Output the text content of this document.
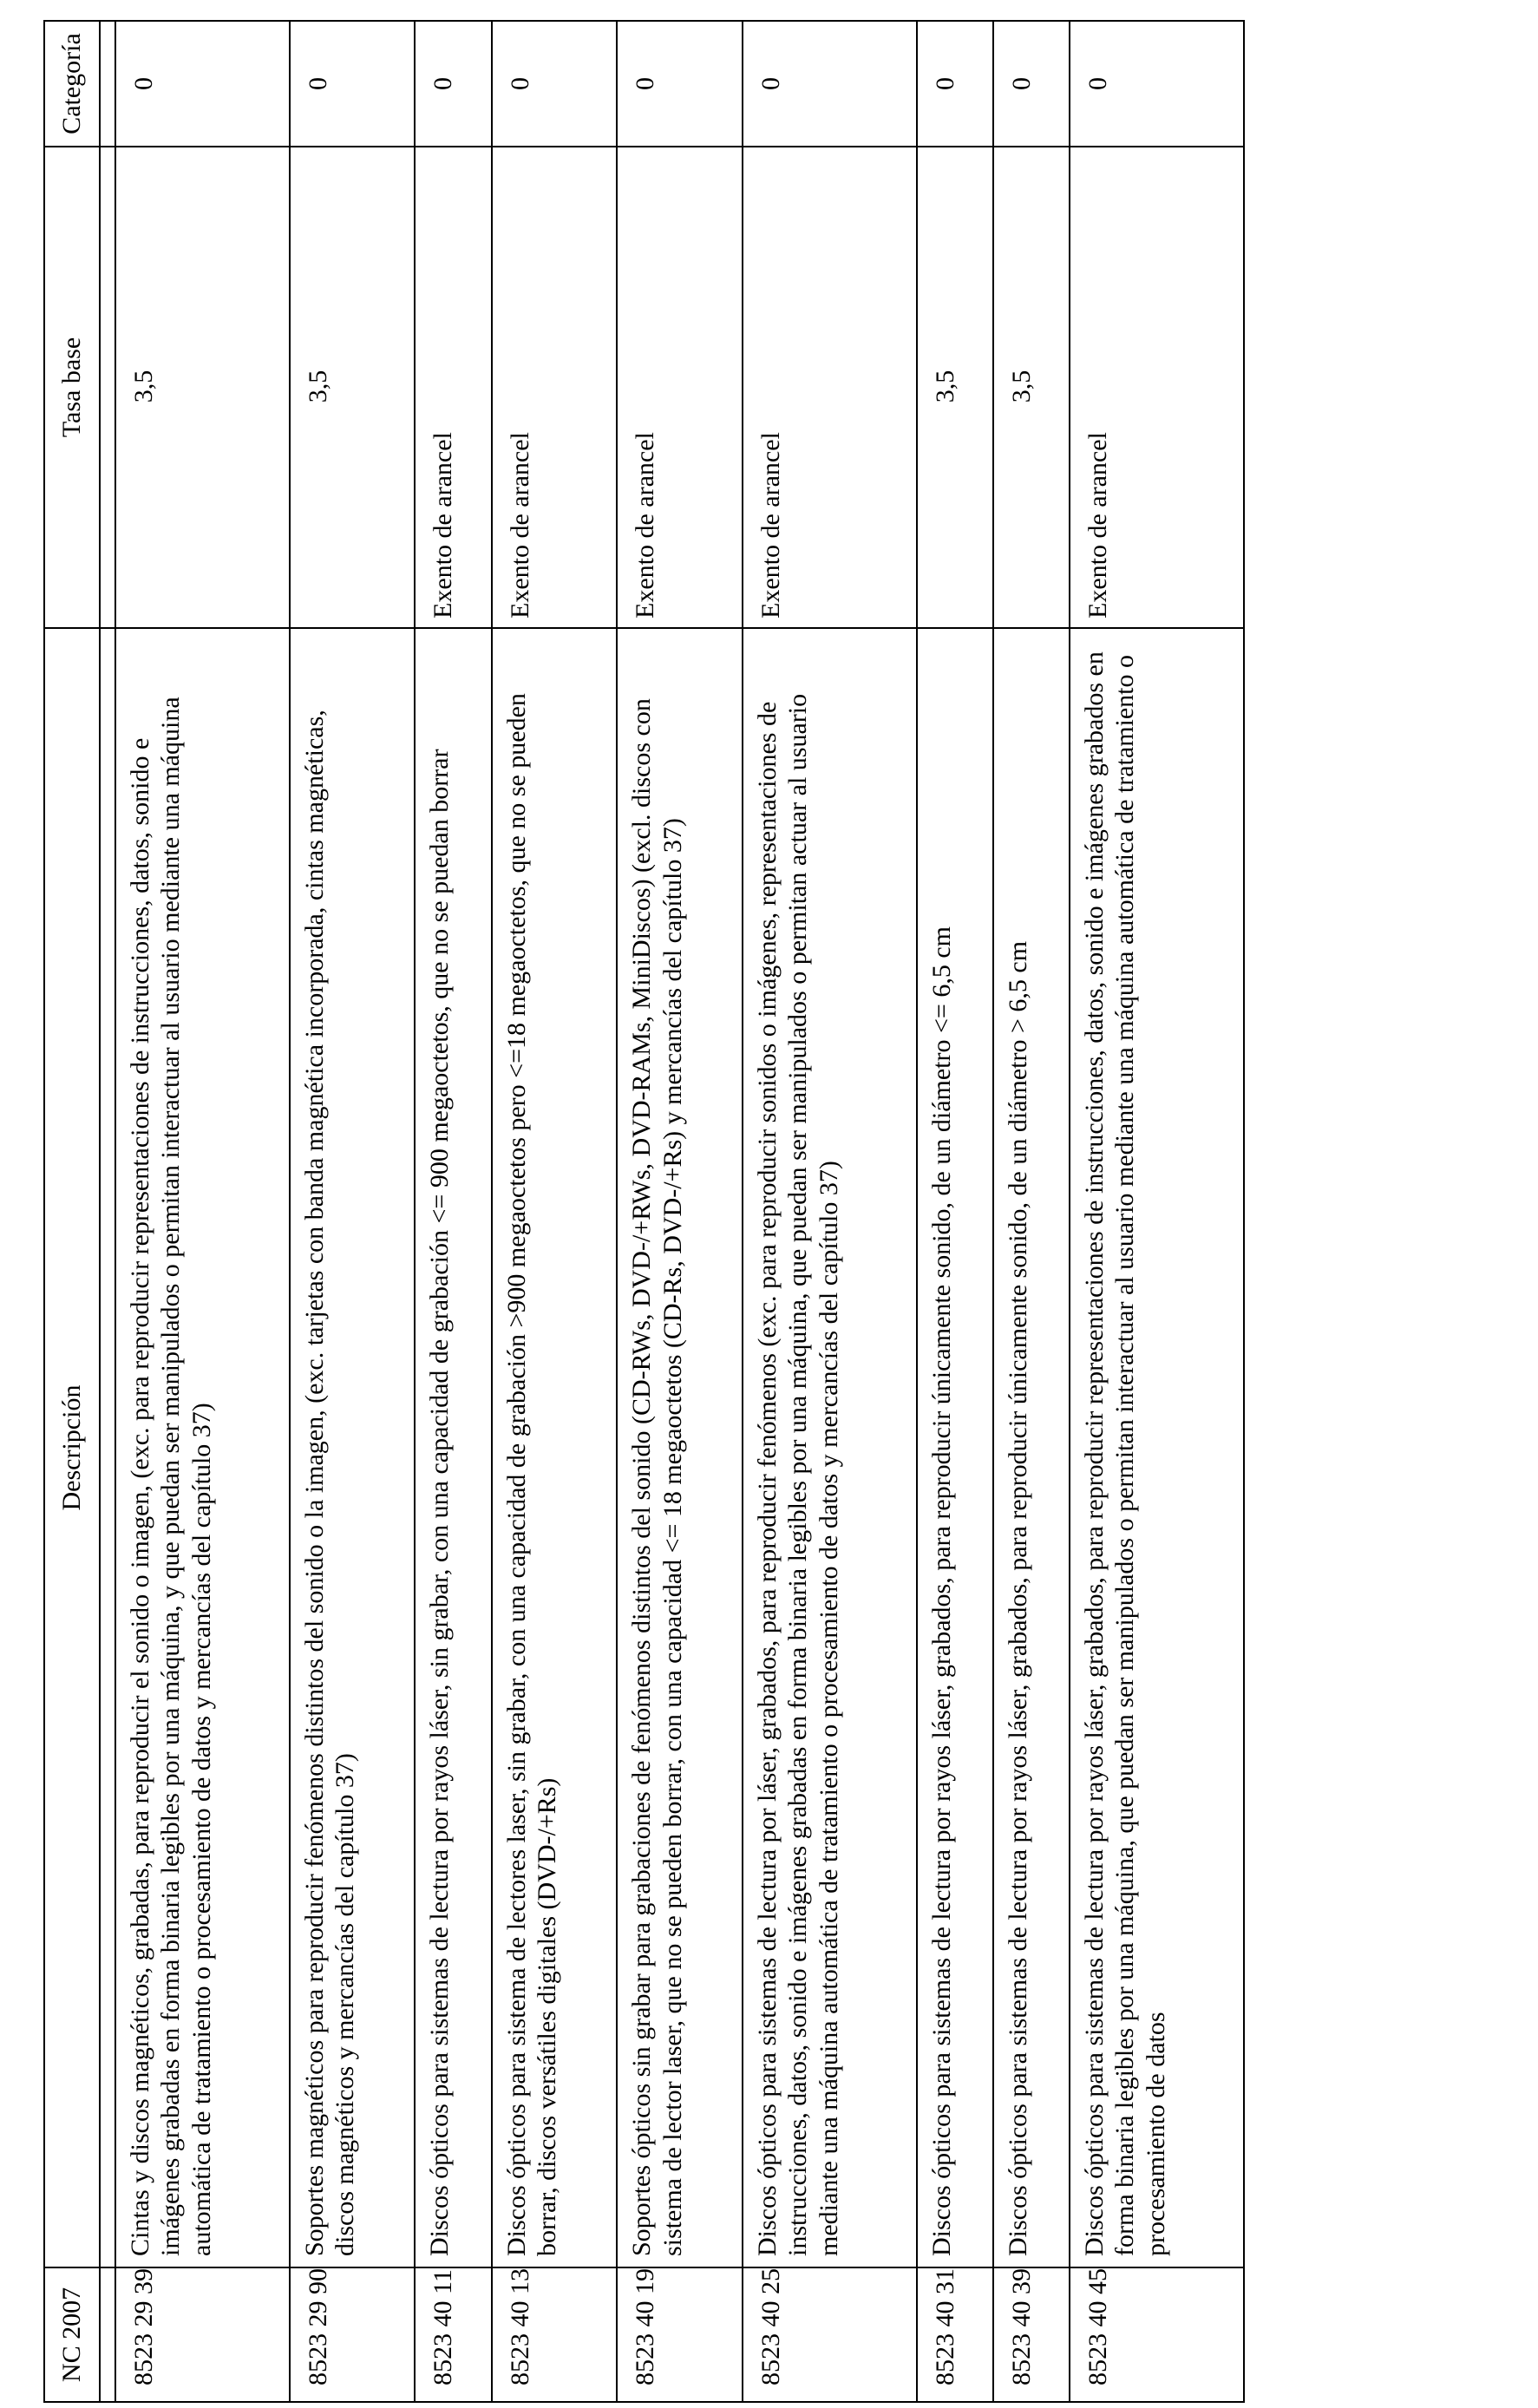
NC 2007	Descripción	Tasa base	Categoría

8523 29 39	Cintas y discos magnéticos, grabadas, para reproducir el sonido o imagen, (exc. para reproducir representaciones de instrucciones, datos, sonido e imágenes grabadas en forma binaria legibles por una máquina, y que puedan ser manipulados o permitan interactuar al usuario mediante una máquina automática de tratamiento o procesamiento de datos y mercancías del capítulo 37)	3,5	0
8523 29 90	Soportes magnéticos para reproducir fenómenos distintos del sonido o la imagen, (exc. tarjetas con banda magnética incorporada, cintas magnéticas, discos magnéticos y mercancías del capítulo 37)	3,5	0
8523 40 11	Discos ópticos para sistemas de lectura por rayos láser, sin grabar, con una capacidad de grabación <= 900 megaoctetos, que no se puedan borrar	Exento de arancel	0
8523 40 13	Discos ópticos para sistema de lectores laser, sin grabar, con una capacidad de grabación >900 megaoctetos pero <=18 megaoctetos, que no se pueden borrar, discos versátiles digitales (DVD-/+Rs)	Exento de arancel	0
8523 40 19	Soportes ópticos sin grabar para grabaciones de fenómenos distintos del sonido (CD-RWs, DVD-/+RWs, DVD-RAMs, MiniDiscos) (excl. discos con sistema de lector laser, que no se pueden borrar, con una capacidad <= 18 megaoctetos (CD-Rs, DVD-/+Rs) y mercancías del capítulo 37)	Exento de arancel	0
8523 40 25	Discos ópticos para sistemas de lectura por láser, grabados, para reproducir fenómenos (exc. para reproducir sonidos o imágenes, representaciones de instrucciones, datos, sonido e imágenes grabadas en forma binaria legibles por una máquina, que puedan ser manipulados o permitan actuar al usuario mediante una máquina automática de tratamiento o procesamiento de datos y mercancías del capítulo 37)	Exento de arancel	0
8523 40 31	Discos ópticos para sistemas de lectura por rayos láser, grabados, para reproducir únicamente sonido, de un diámetro <= 6,5 cm	3,5	0
8523 40 39	Discos ópticos para sistemas de lectura por rayos láser, grabados, para reproducir únicamente sonido, de un diámetro > 6,5 cm	3,5	0
8523 40 45	Discos ópticos para sistemas de lectura por rayos láser, grabados, para reproducir representaciones de instrucciones, datos, sonido e imágenes grabados en forma binaria legibles por una máquina, que puedan ser manipulados o permitan interactuar al usuario mediante una máquina automática de tratamiento o procesamiento de datos	Exento de arancel	0
